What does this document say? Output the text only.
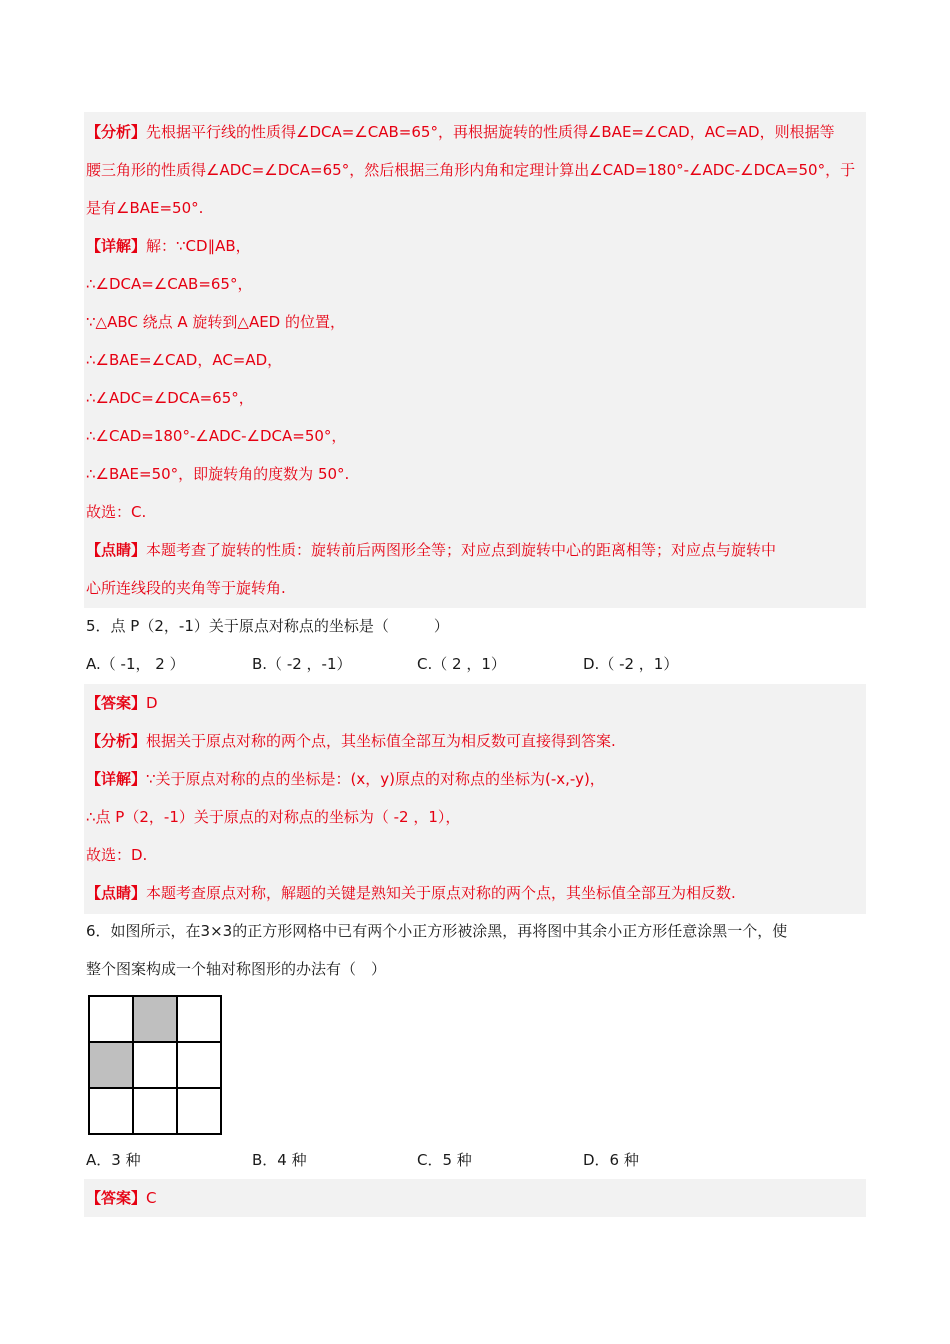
【分析】先根据平行线的性质得∠DCA=∠CAB=65°，再根据旋转的性质得∠BAE=∠CAD，AC=AD，则根据等
腰三角形的性质得∠ADC=∠DCA=65°，然后根据三角形内角和定理计算出∠CAD=180°-∠ADC-∠DCA=50°，于
是有∠BAE=50°.
【详解】解：∵CD∥AB，
∴∠DCA=∠CAB=65°，
∵△ABC 绕点 A 旋转到△AED 的位置，
∴∠BAE=∠CAD，AC=AD，
∴∠ADC=∠DCA=65°，
∴∠CAD=180°-∠ADC-∠DCA=50°，
∴∠BAE=50°，即旋转角的度数为 50°.
故选：C.
【点睛】本题考查了旋转的性质：旋转前后两图形全等；对应点到旋转中心的距离相等；对应点与旋转中
心所连线段的夹角等于旋转角.
5．点 P（2，-1）关于原点对称点的坐标是（　　　）
A.（ -1， 2 ）	B.（ -2 ，-1）	C.（ 2 ，1）	D.（ -2 ，1）
【答案】D
【分析】根据关于原点对称的两个点，其坐标值全部互为相反数可直接得到答案.
【详解】∵关于原点对称的点的坐标是：(x，y)原点的对称点的坐标为(-x,-y)，
∴点 P（2，-1）关于原点的对称点的坐标为（ -2 ，1），
故选：D.
【点睛】本题考查原点对称，解题的关键是熟知关于原点对称的两个点，其坐标值全部互为相反数.
6．如图所示，在3×3的正方形网格中已有两个小正方形被涂黑，再将图中其余小正方形任意涂黑一个，使
整个图案构成一个轴对称图形的办法有（　）
A．3 种	B．4 种	C．5 种	D．6 种
【答案】C
